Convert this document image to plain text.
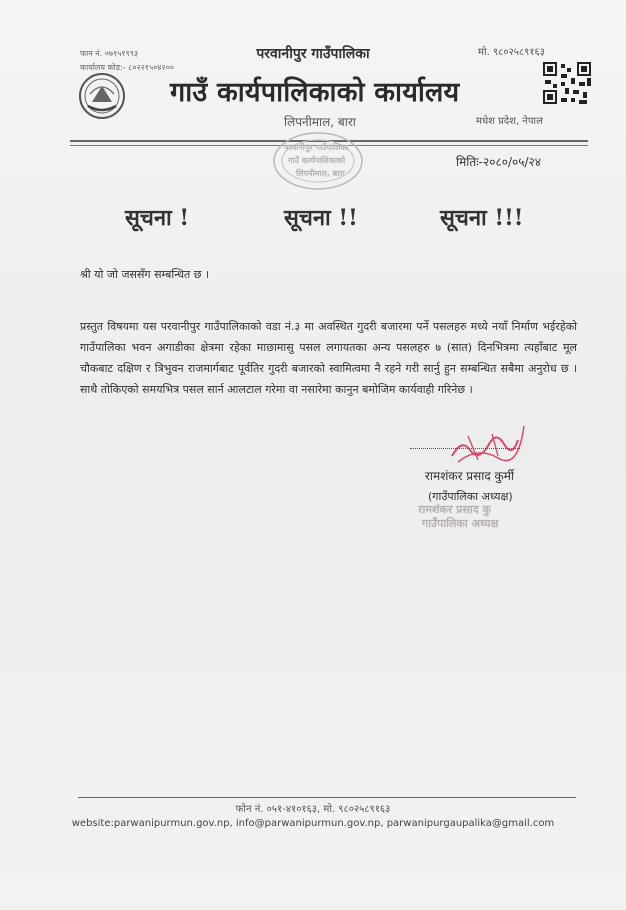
फान नं. ०७१५१९९३
कार्यालय कोड:- ८०२२१५०४२००
परवानीपुर गाउँपालिका
गाउँ कार्यपालिकाको कार्यालय
मो. ९८०२५८९१६३
लिपनीमाल, बारा	मधेश प्रदेश, नेपाल
परवानीपुर गाउँपालिका
गाउँ कार्यपालिकाको
लिपनीमाल, बारा
मितिः-२०८०/०५/२४
सूचना !	सूचना !!	सूचना !!!
श्री यो जो जससँग सम्बन्धित छ ।

प्रस्तुत विषयमा यस परवानीपुर गाउँपालिकाको वडा नं.३ मा अवस्थित गुदरी बजारमा पर्ने पसलहरु मध्ये नयाँ निर्माण भईरहेको गाउँपालिका भवन अगाडीका क्षेत्रमा रहेका माछामासु पसल लगायतका अन्य पसलहरु ७ (सात) दिनभित्रमा त्यहाँबाट मूल चौकबाट दक्षिण र त्रिभुवन राजमार्गबाट पूर्वतिर गुदरी बजारको स्वामित्वमा नै रहने गरी सार्नु हुन सम्बन्धित सबैमा अनुरोध छ ।साथै तोकिएको समयभित्र पसल सार्न आलटाल गरेमा वा नसारेमा कानुन बमोजिम कार्यवाही गरिनेछ ।

रामशंकर प्रसाद कुर्मी
(गाउँपालिका अध्यक्ष)
रामशंकर प्रसाद कु
गाउँपालिका अध्यक्ष
फोन नं. ०५१-४१०१६३, मो. ९८०२५८९१६३
website:parwanipurmun.gov.np, info@parwanipurmun.gov.np, parwanipurgaupalika@gmail.com
